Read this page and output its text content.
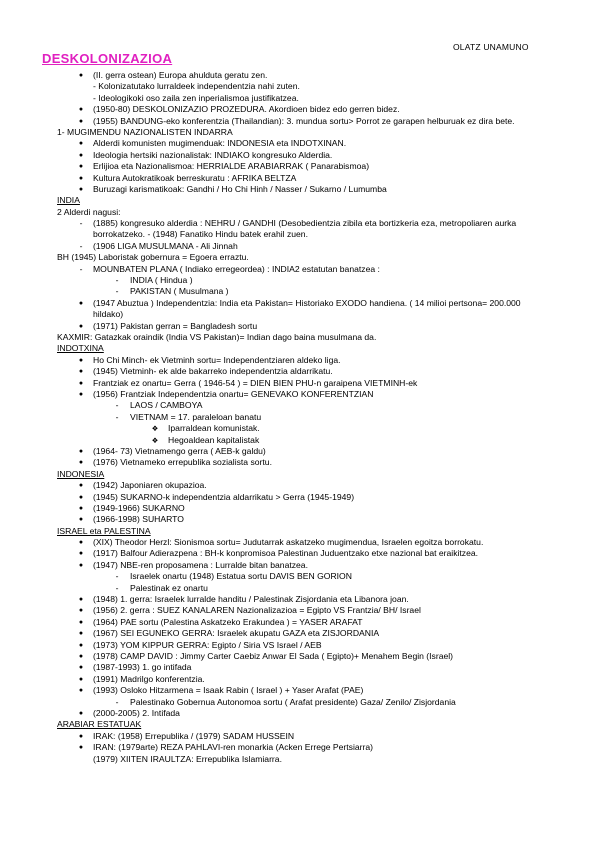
OLATZ UNAMUNO
DESKOLONIZAZIOA
●	(II. gerra ostean) Europa ahulduta geratu zen.
- Kolonizatutako lurraldeek independentzia nahi zuten.
- Ideologikoki oso zaila zen inperialismoa justifikatzea.
●	(1950-80) DESKOLONIZAZIO PROZEDURA. Akordioen bidez edo gerren bidez.
●	(1955) BANDUNG-eko konferentzia (Thailandian): 3. mundua sortu> Porrot ze garapen helburuak ez dira bete.
1- MUGIMENDU NAZIONALISTEN INDARRA
●	Alderdi komunisten mugimenduak: INDONESIA eta INDOTXINAN.
●	Ideologia hertsiki nazionalistak: INDIAKO kongresuko Alderdia.
●	Erlijioa eta Nazionalismoa: HERRIALDE ARABIARRAK ( Panarabismoa)
●	Kultura Autokratikoak berreskuratu : AFRIKA BELTZA
●	Buruzagi karismatikoak: Gandhi / Ho Chi Hinh / Nasser / Sukarno / Lumumba
INDIA
2 Alderdi nagusi:
-	(1885) kongresuko alderdia : NEHRU / GANDHI (Desobedientzia zibila eta bortizkeria eza, metropoliaren aurka borrokatzeko. - (1948) Fanatiko Hindu batek erahil zuen.
-	(1906 LIGA MUSULMANA - Ali Jinnah
BH (1945) Laboristak gobernura = Egoera erraztu.
-	MOUNBATEN PLANA ( Indiako erregeordea) : INDIA2 estatutan banatzea :
-	INDIA ( Hindua )
-	PAKISTAN ( Musulmana )
●	(1947 Abuztua ) Independentzia: India eta Pakistan= Historiako EXODO handiena. ( 14 milioi pertsona= 200.000 hildako)
●	(1971) Pakistan gerran = Bangladesh sortu
KAXMIR: Gatazkak oraindik (India VS Pakistan)= Indian dago baina musulmana da.
INDOTXINA
●	Ho Chi Minch- ek Vietminh sortu= Independentziaren aldeko liga.
●	(1945) Vietminh- ek alde bakarreko independentzia aldarrikatu.
●	Frantziak ez onartu= Gerra ( 1946-54 ) = DIEN BIEN PHU-n garaipena VIETMINH-ek
●	(1956) Frantziak Independentzia onartu= GENEVAKO KONFERENTZIAN
-	LAOS / CAMBOYA
-	VIETNAM = 17. paraleloan banatu
❖ Iparraldean komunistak.
❖ Hegoaldean kapitalistak
●	(1964- 73) Vietnamengo gerra ( AEB-k galdu)
●	(1976) Vietnameko errepublika sozialista sortu.
INDONESIA
●	(1942) Japoniaren okupazioa.
●	(1945) SUKARNO-k independentzia aldarrikatu > Gerra (1945-1949)
●	(1949-1966) SUKARNO
●	(1966-1998) SUHARTO
ISRAEL eta PALESTINA
●	(XIX) Theodor Herzl: Sionismoa sortu= Judutarrak askatzeko mugimendua, Israelen egoitza borrokatu.
●	(1917) Balfour Adierazpena : BH-k konpromisoa Palestinan Juduentzako etxe nazional bat eraikitzea.
●	(1947) NBE-ren proposamena : Lurralde bitan banatzea.
-	Israelek onartu (1948) Estatua sortu DAVIS BEN GORION
-	Palestinak ez onartu
●	(1948) 1. gerra: Israelek lurralde handitu / Palestinak Zisjordania eta Libanora joan.
●	(1956) 2. gerra : SUEZ KANALAREN Nazionalizazioa = Egipto VS Frantzia/ BH/ Israel
●	(1964) PAE sortu (Palestina Askatzeko Erakundea ) = YASER ARAFAT
●	(1967) SEI EGUNEKO GERRA: Israelek akupatu GAZA eta ZISJORDANIA
●	(1973) YOM KIPPUR GERRA: Egipto / Siria VS Israel / AEB
●	(1978) CAMP DAVID : Jimmy Carter Caebiz Anwar El Sada ( Egipto)+ Menahem Begin (Israel)
●	(1987-1993) 1. go intifada
●	(1991) Madrilgo konferentzia.
●	(1993) Osloko Hitzarmena = Isaak Rabin ( Israel ) + Yaser Arafat (PAE)
-	Palestinako Gobernua Autonomoa sortu ( Arafat presidente) Gaza/ Zenilo/ Zisjordania
●	(2000-2005) 2. Intifada
ARABIAR ESTATUAK
●	IRAK: (1958) Errepublika / (1979) SADAM HUSSEIN
●	IRAN: (1979arte) REZA PAHLAVI-ren monarkia (Acken Errege Pertsiarra)
(1979) XIITEN IRAULTZA: Errepublika Islamiarra.
